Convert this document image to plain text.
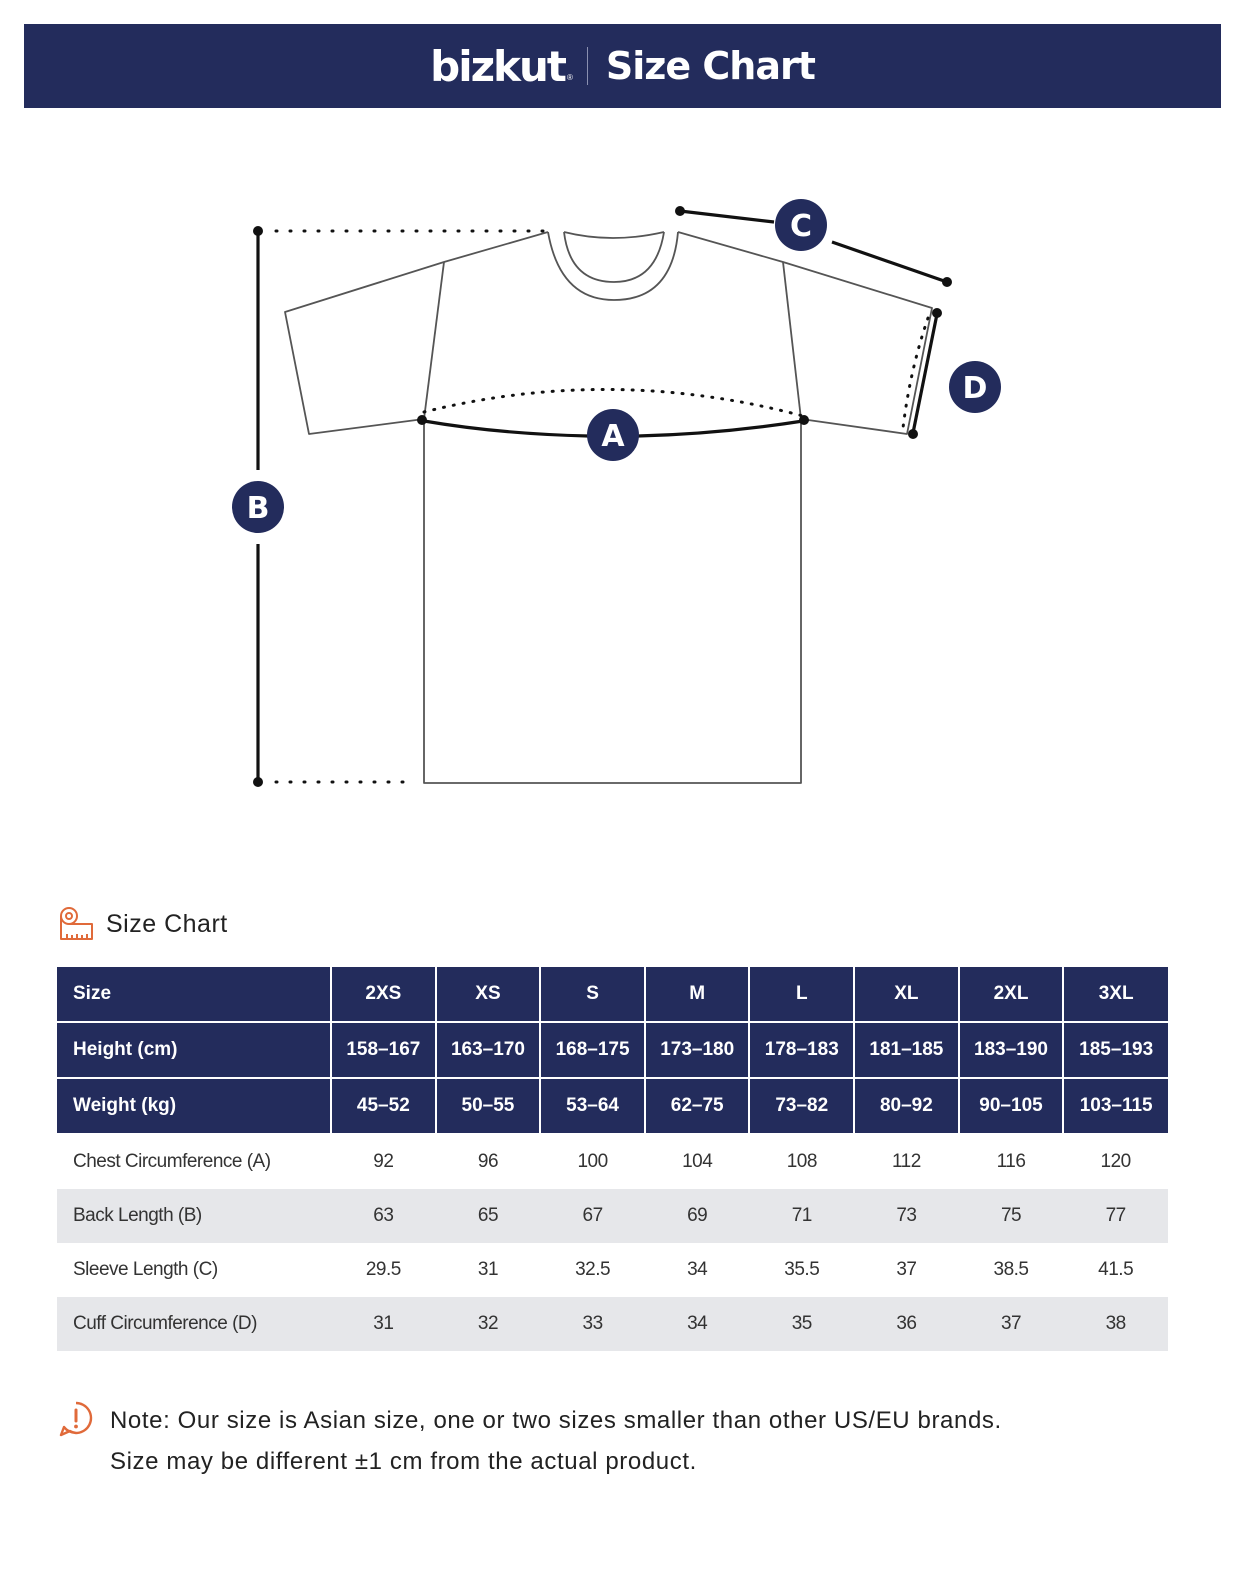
bizkut ® Size Chart
A
B
C
D
Size Chart
Size	2XS	XS	S	M	L	XL	2XL	3XL
Height (cm)	158–167	163–170	168–175	173–180	178–183	181–185	183–190	185–193
Weight (kg)	45–52	50–55	53–64	62–75	73–82	80–92	90–105	103–115
Chest Circumference (A)	92	96	100	104	108	112	116	120
Back Length (B)	63	65	67	69	71	73	75	77
Sleeve Length (C)	29.5	31	32.5	34	35.5	37	38.5	41.5
Cuff Circumference (D)	31	32	33	34	35	36	37	38
Note: Our size is Asian size, one or two sizes smaller than other US/EU brands.
Size may be different ±1 cm from the actual product.
